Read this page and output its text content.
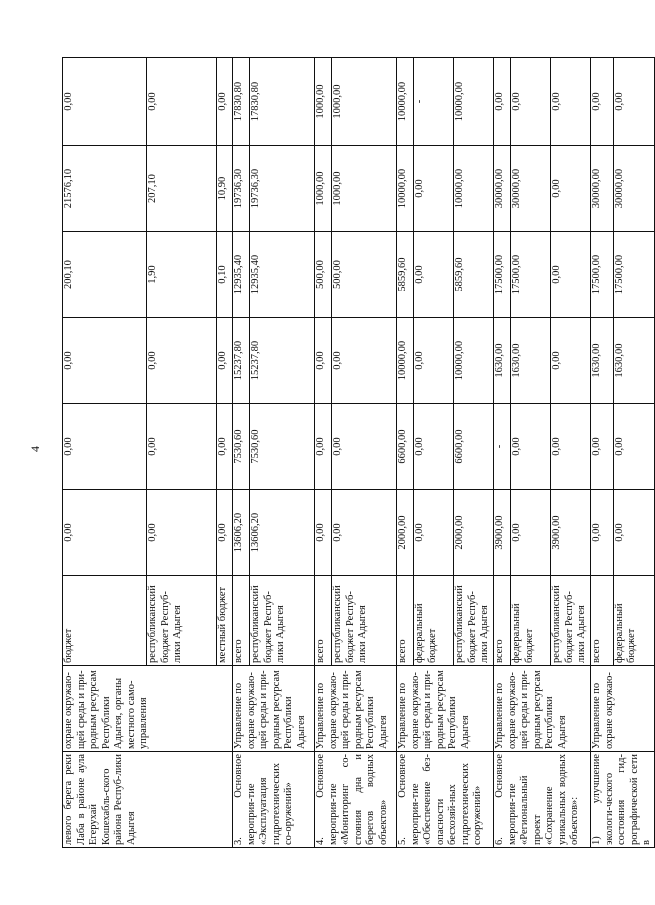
4
левого берега реки Лаба в районе аула Егерухай Кошехабль-ского района Респуб-лики Адыгея	охране окружаю-щей среды и при-родным ресурсам Республики Адыгея, органы местного само-управления	бюджет	0,00	0,00	0,00	200,10	21576,10	0,00
		республиканский бюджет Респуб-лики Адыгея	0,00	0,00	0,00	1,90	207,10	0,00
		местный бюджет	0,00	0,00	0,00	0,10	10,90	0,00
3. Основное мероприя-тие «Эксплуатация гидротехнических со-оружений»	Управление по охране окружаю-щей среды и при-родным ресурсам Республики Адыгея	всего	13606,20	7530,60	15237,80	12935,40	19736,30	17830,80
		республиканский бюджет Респуб-лики Адыгея	13606,20	7530,60	15237,80	12935,40	19736,30	17830,80
4. Основное мероприя-тие «Мониторинг со-стояния дна и берегов водных объектов»	Управление по охране окружаю-щей среды и при-родным ресурсам Республики Адыгея	всего	0,00	0,00	0,00	500,00	1000,00	1000,00
		республиканский бюджет Респуб-лики Адыгея	0,00	0,00	0,00	500,00	1000,00	1000,00
5. Основное мероприя-тие «Обеспечение без-опасности бесхозяй-ных гидротехнических сооружений»	Управление по охране окружаю-щей среды и при-родным ресурсам Республики Адыгея	всего	2000,00	6600,00	10000,00	5859,60	10000,00	10000,00
		федеральный бюджет	0,00	0,00	0,00	0,00	0,00	-
		республиканский бюджет Респуб-лики Адыгея	2000,00	6600,00	10000,00	5859,60	10000,00	10000,00
6. Основное мероприя-тие «Региональный проект «Сохранение уникальных водных объектов»:	Управление по охране окружаю-щей среды и при-родным ресурсам Республики Адыгея	всего	3900,00	-	1630,00	17500,00	30000,00	0,00
		федеральный бюджет	0,00	0,00	1630,00	17500,00	30000,00	0,00
		республиканский бюджет Респуб-лики Адыгея	3900,00	0,00	0,00	0,00	0,00	0,00
1) улучшение экологи-ческого состояния гид-рографической сети в	Управление по охране окружаю-	всего	0,00	0,00	1630,00	17500,00	30000,00	0,00
		федеральный бюджет	0,00	0,00	1630,00	17500,00	30000,00	0,00
